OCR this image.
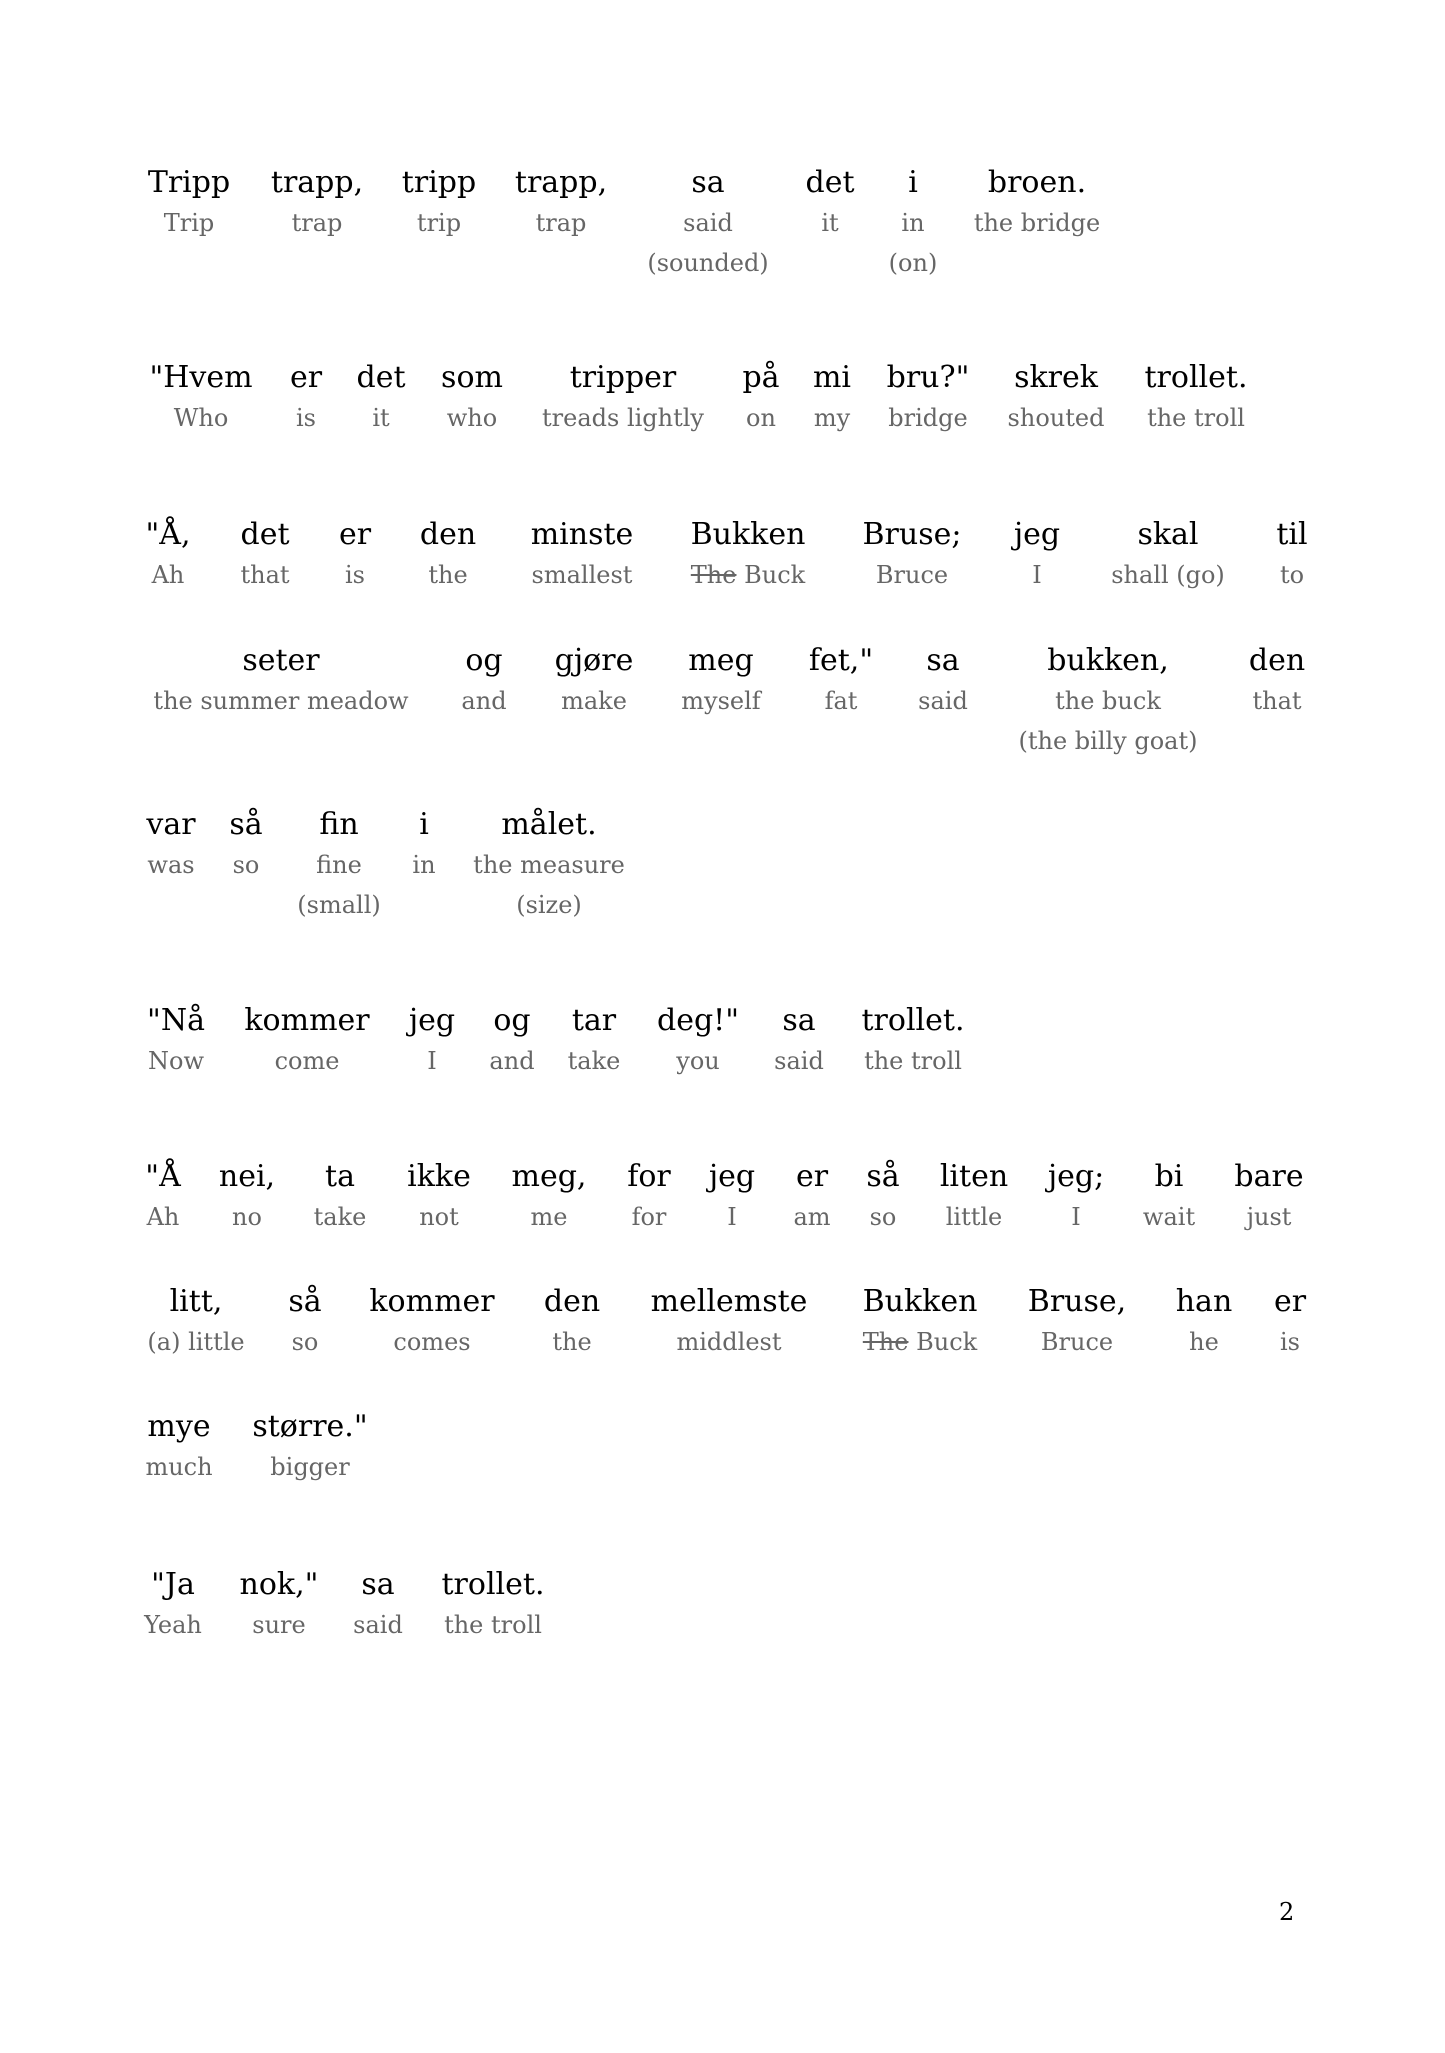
Tripp
Trip
trapp,
trap
tripp
trip
trapp,
trap
sa
said
(sounded)
det
it
i
in
(on)
broen.
the bridge
"Hvem
Who
er
is
det
it
som
who
tripper
treads lightly
på
on
mi
my
bru?"
bridge
skrek
shouted
trollet.
the troll
"Å,
Ah
det
that
er
is
den
the
minste
smallest
Bukken
The Buck
Bruse;
Bruce
jeg
I
skal
shall (go)
til
to
seter
the summer meadow
og
and
gjøre
make
meg
myself
fet,"
fat
sa
said
bukken,
the buck
(the billy goat)
den
that
var
was
så
so
fin
fine
(small)
i
in
målet.
the measure
(size)
"Nå
Now
kommer
come
jeg
I
og
and
tar
take
deg!"
you
sa
said
trollet.
the troll
"Å
Ah
nei,
no
ta
take
ikke
not
meg,
me
for
for
jeg
I
er
am
så
so
liten
little
jeg;
I
bi
wait
bare
just
litt,
(a) little
så
so
kommer
comes
den
the
mellemste
middlest
Bukken
The Buck
Bruse,
Bruce
han
he
er
is
mye
much
større."
bigger
"Ja
Yeah
nok,"
sure
sa
said
trollet.
the troll
2
